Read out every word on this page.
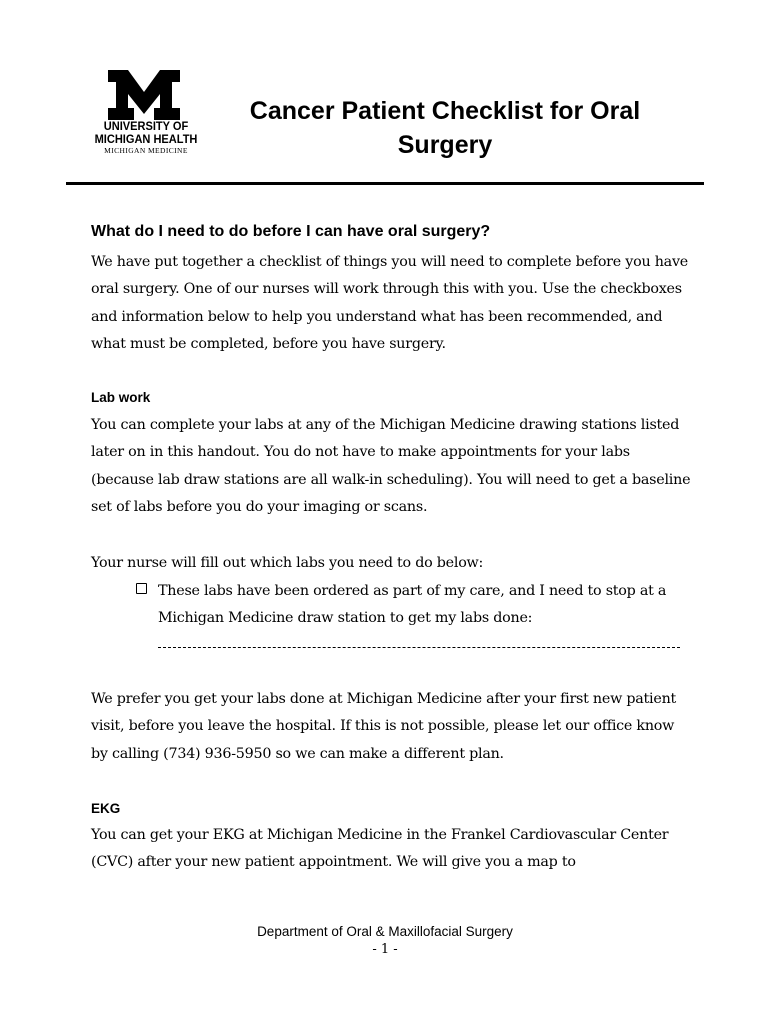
UNIVERSITY OF
MICHIGAN HEALTH
MICHIGAN MEDICINE
Cancer Patient Checklist for Oral Surgery
What do I need to do before I can have oral surgery?

We have put together a checklist of things you will need to complete before you have oral surgery. One of our nurses will work through this with you. Use the checkboxes and information below to help you understand what has been recommended, and what must be completed, before you have surgery.

Lab work

You can complete your labs at any of the Michigan Medicine drawing stations listed later on in this handout. You do not have to make appointments for your labs (because lab draw stations are all walk-in scheduling). You will need to get a baseline set of labs before you do your imaging or scans.

Your nurse will fill out which labs you need to do below:

These labs have been ordered as part of my care, and I need to stop at a Michigan Medicine draw station to get my labs done:

We prefer you get your labs done at Michigan Medicine after your first new patient visit, before you leave the hospital. If this is not possible, please let our office know by calling (734) 936-5950 so we can make a different plan.

EKG

You can get your EKG at Michigan Medicine in the Frankel Cardiovascular Center (CVC) after your new patient appointment. We will give you a map to

Department of Oral & Maxillofacial Surgery

- 1 -
